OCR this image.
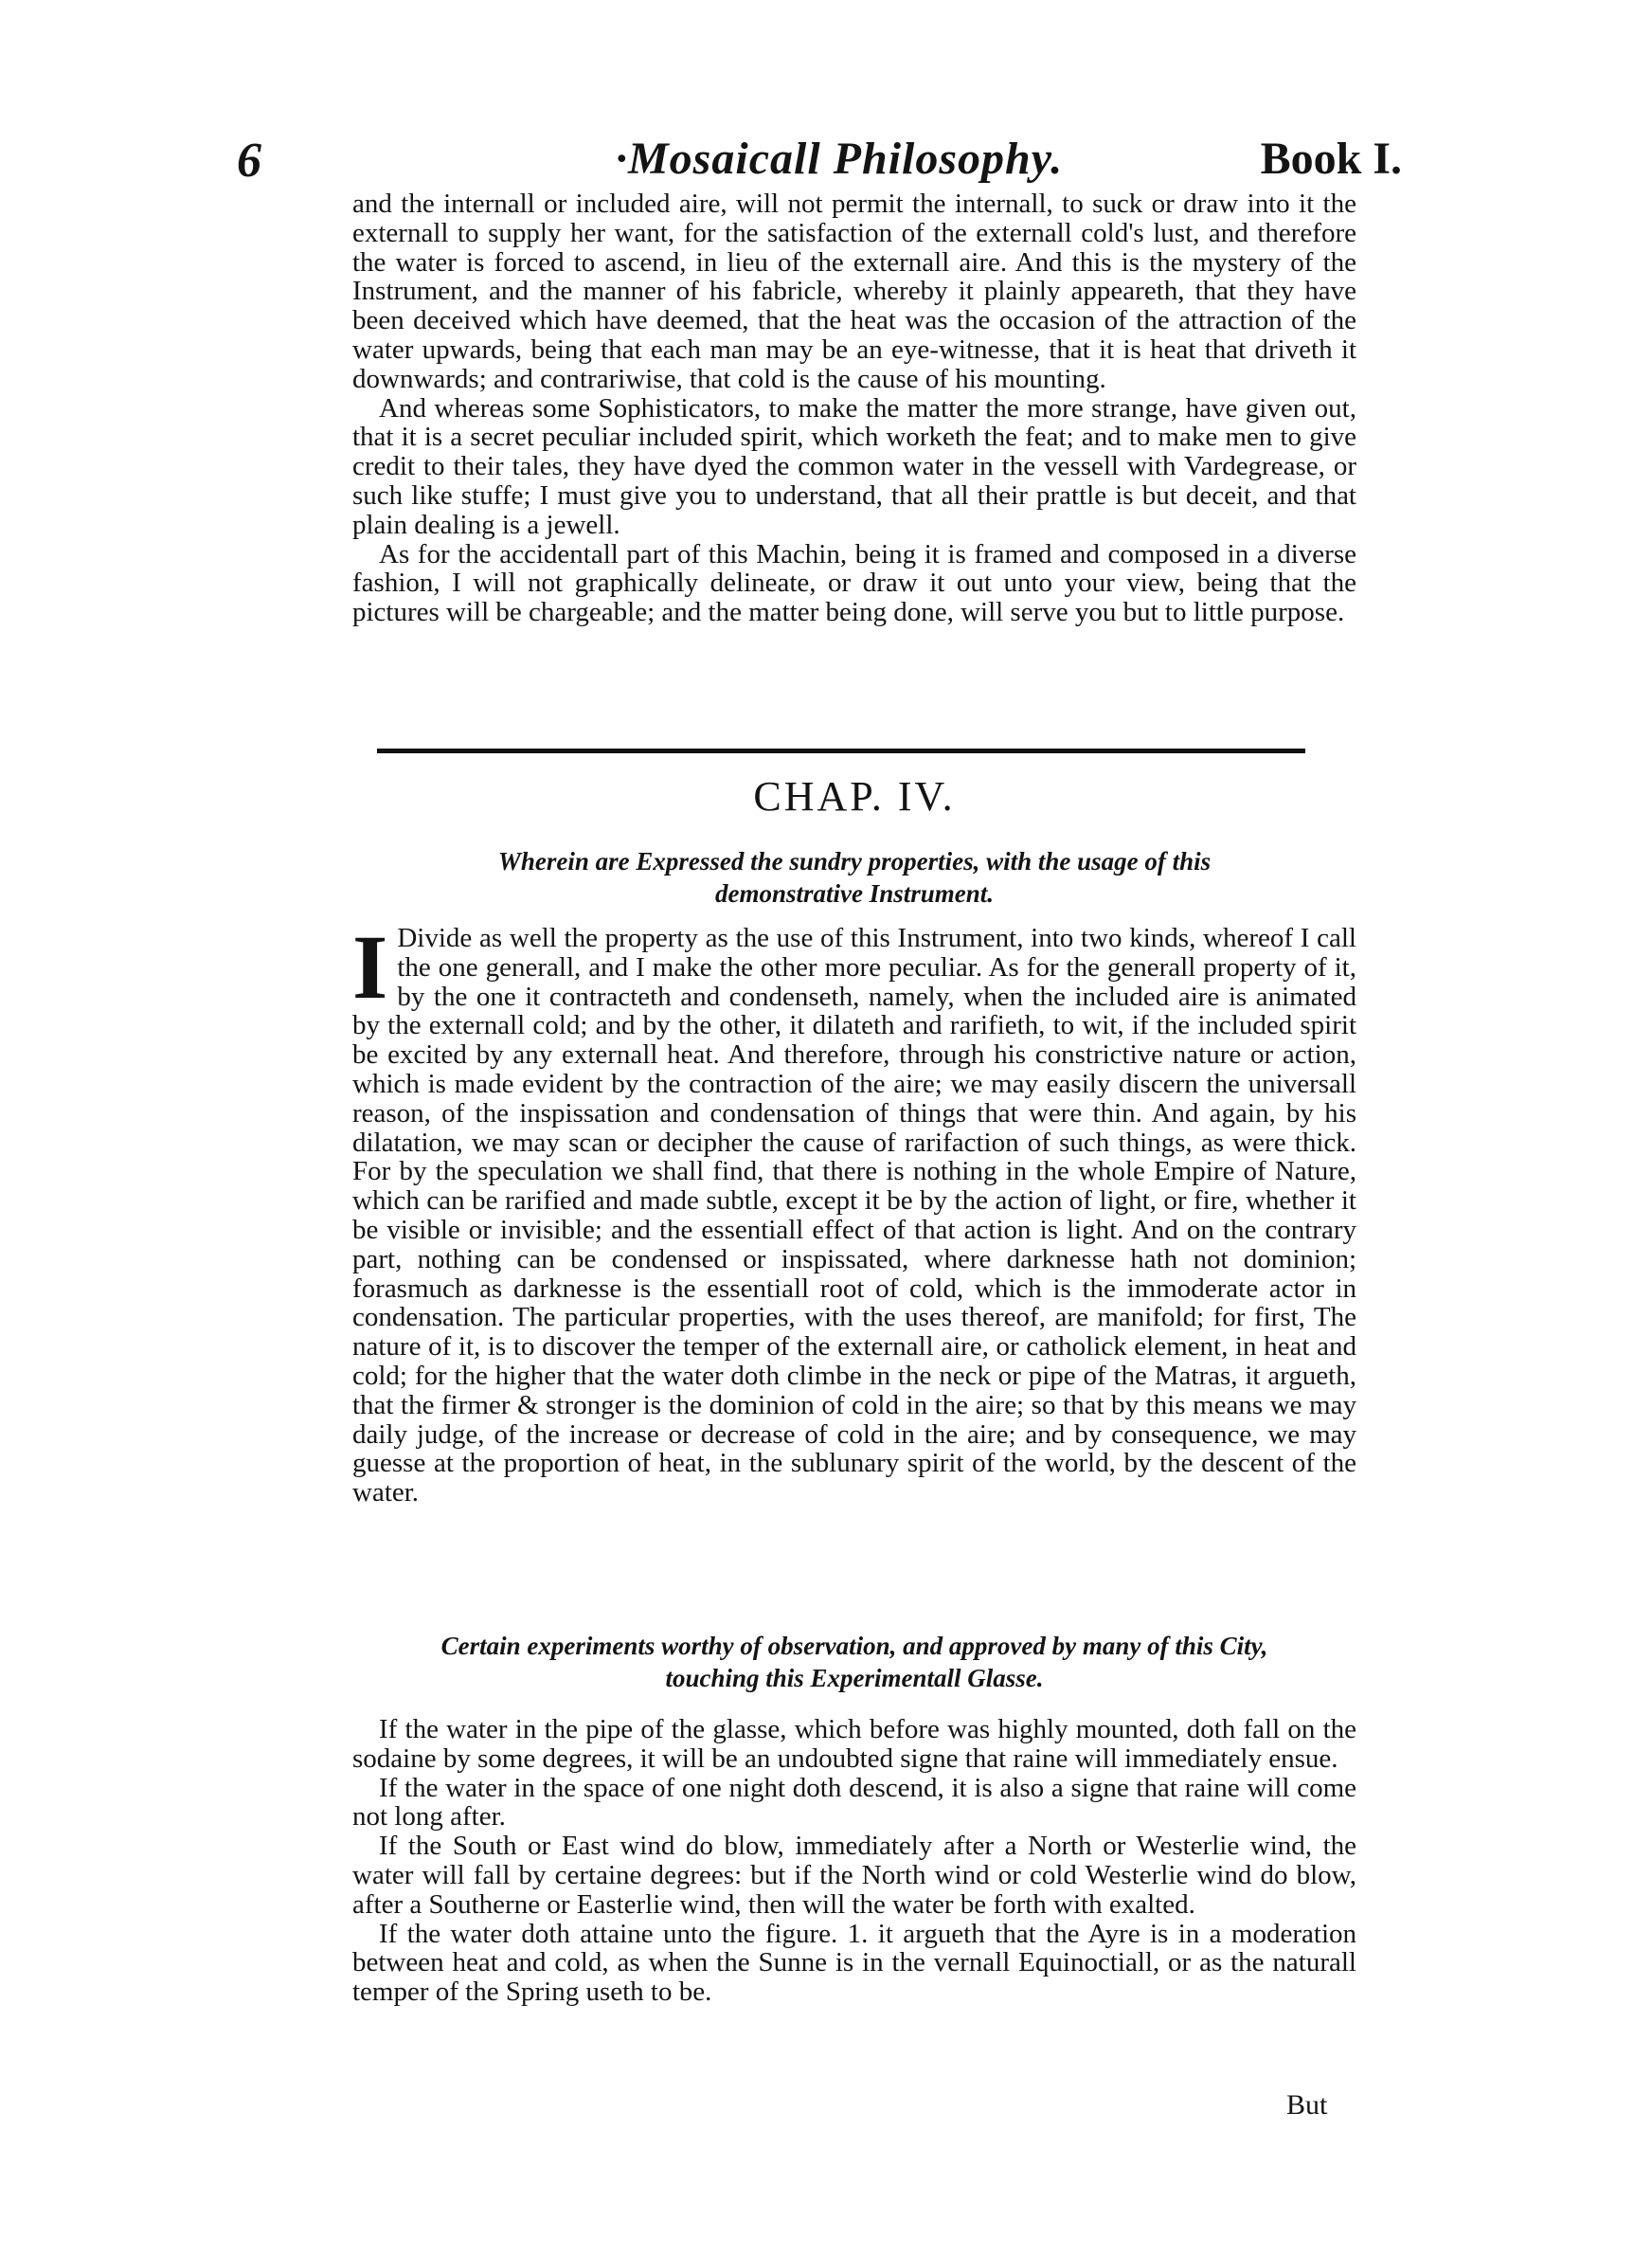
6	·Mosaicall Philosophy.	Book I.

and the internall or included aire, will not permit the internall, to suck or draw into it the externall to supply her want, for the satisfaction of the externall cold's lust, and therefore the water is forced to ascend, in lieu of the externall aire. And this is the mystery of the Instrument, and the manner of his fabricle, whereby it plainly appeareth, that they have been deceived which have deemed, that the heat was the occasion of the attraction of the water upwards, being that each man may be an eye-witnesse, that it is heat that driveth it downwards; and contrariwise, that cold is the cause of his mounting.

And whereas some Sophisticators, to make the matter the more strange, have given out, that it is a secret peculiar included spirit, which worketh the feat; and to make men to give credit to their tales, they have dyed the common water in the vessell with Vardegrease, or such like stuffe; I must give you to understand, that all their prattle is but deceit, and that plain dealing is a jewell.

As for the accidentall part of this Machin, being it is framed and composed in a diverse fashion, I will not graphically delineate, or draw it out unto your view, being that the pictures will be chargeable; and the matter being done, will serve you but to little purpose.

CHAP. IV.
Wherein are Expressed the sundry properties, with the usage of this
demonstrative Instrument.
I Divide as well the property as the use of this Instrument, into two kinds, whereof I call the one generall, and I make the other more peculiar. As for the generall property of it, by the one it contracteth and condenseth, namely, when the included aire is animated by the externall cold; and by the other, it dilateth and rarifieth, to wit, if the included spirit be excited by any externall heat. And therefore, through his constrictive nature or action, which is made evident by the contraction of the aire; we may easily discern the universall reason, of the inspissation and condensation of things that were thin. And again, by his dilatation, we may scan or decipher the cause of rarifaction of such things, as were thick. For by the speculation we shall find, that there is nothing in the whole Empire of Nature, which can be rarified and made subtle, except it be by the action of light, or fire, whether it be visible or invisible; and the essentiall effect of that action is light. And on the contrary part, nothing can be condensed or inspissated, where darknesse hath not dominion; forasmuch as darknesse is the essentiall root of cold, which is the immoderate actor in condensation. The particular properties, with the uses thereof, are manifold; for first, The nature of it, is to discover the temper of the externall aire, or catholick element, in heat and cold; for the higher that the water doth climbe in the neck or pipe of the Matras, it argueth, that the firmer & stronger is the dominion of cold in the aire; so that by this means we may daily judge, of the increase or decrease of cold in the aire; and by consequence, we may guesse at the proportion of heat, in the sublunary spirit of the world, by the descent of the water.
Certain experiments worthy of observation, and approved by many of this City,
touching this Experimentall Glasse.

If the water in the pipe of the glasse, which before was highly mounted, doth fall on the sodaine by some degrees, it will be an undoubted signe that raine will immediately ensue.

If the water in the space of one night doth descend, it is also a signe that raine will come not long after.

If the South or East wind do blow, immediately after a North or Westerlie wind, the water will fall by certaine degrees: but if the North wind or cold Westerlie wind do blow, after a Southerne or Easterlie wind, then will the water be forth with exalted.

If the water doth attaine unto the figure. 1. it argueth that the Ayre is in a moderation between heat and cold, as when the Sunne is in the vernall Equinoctiall, or as the naturall temper of the Spring useth to be.

But
